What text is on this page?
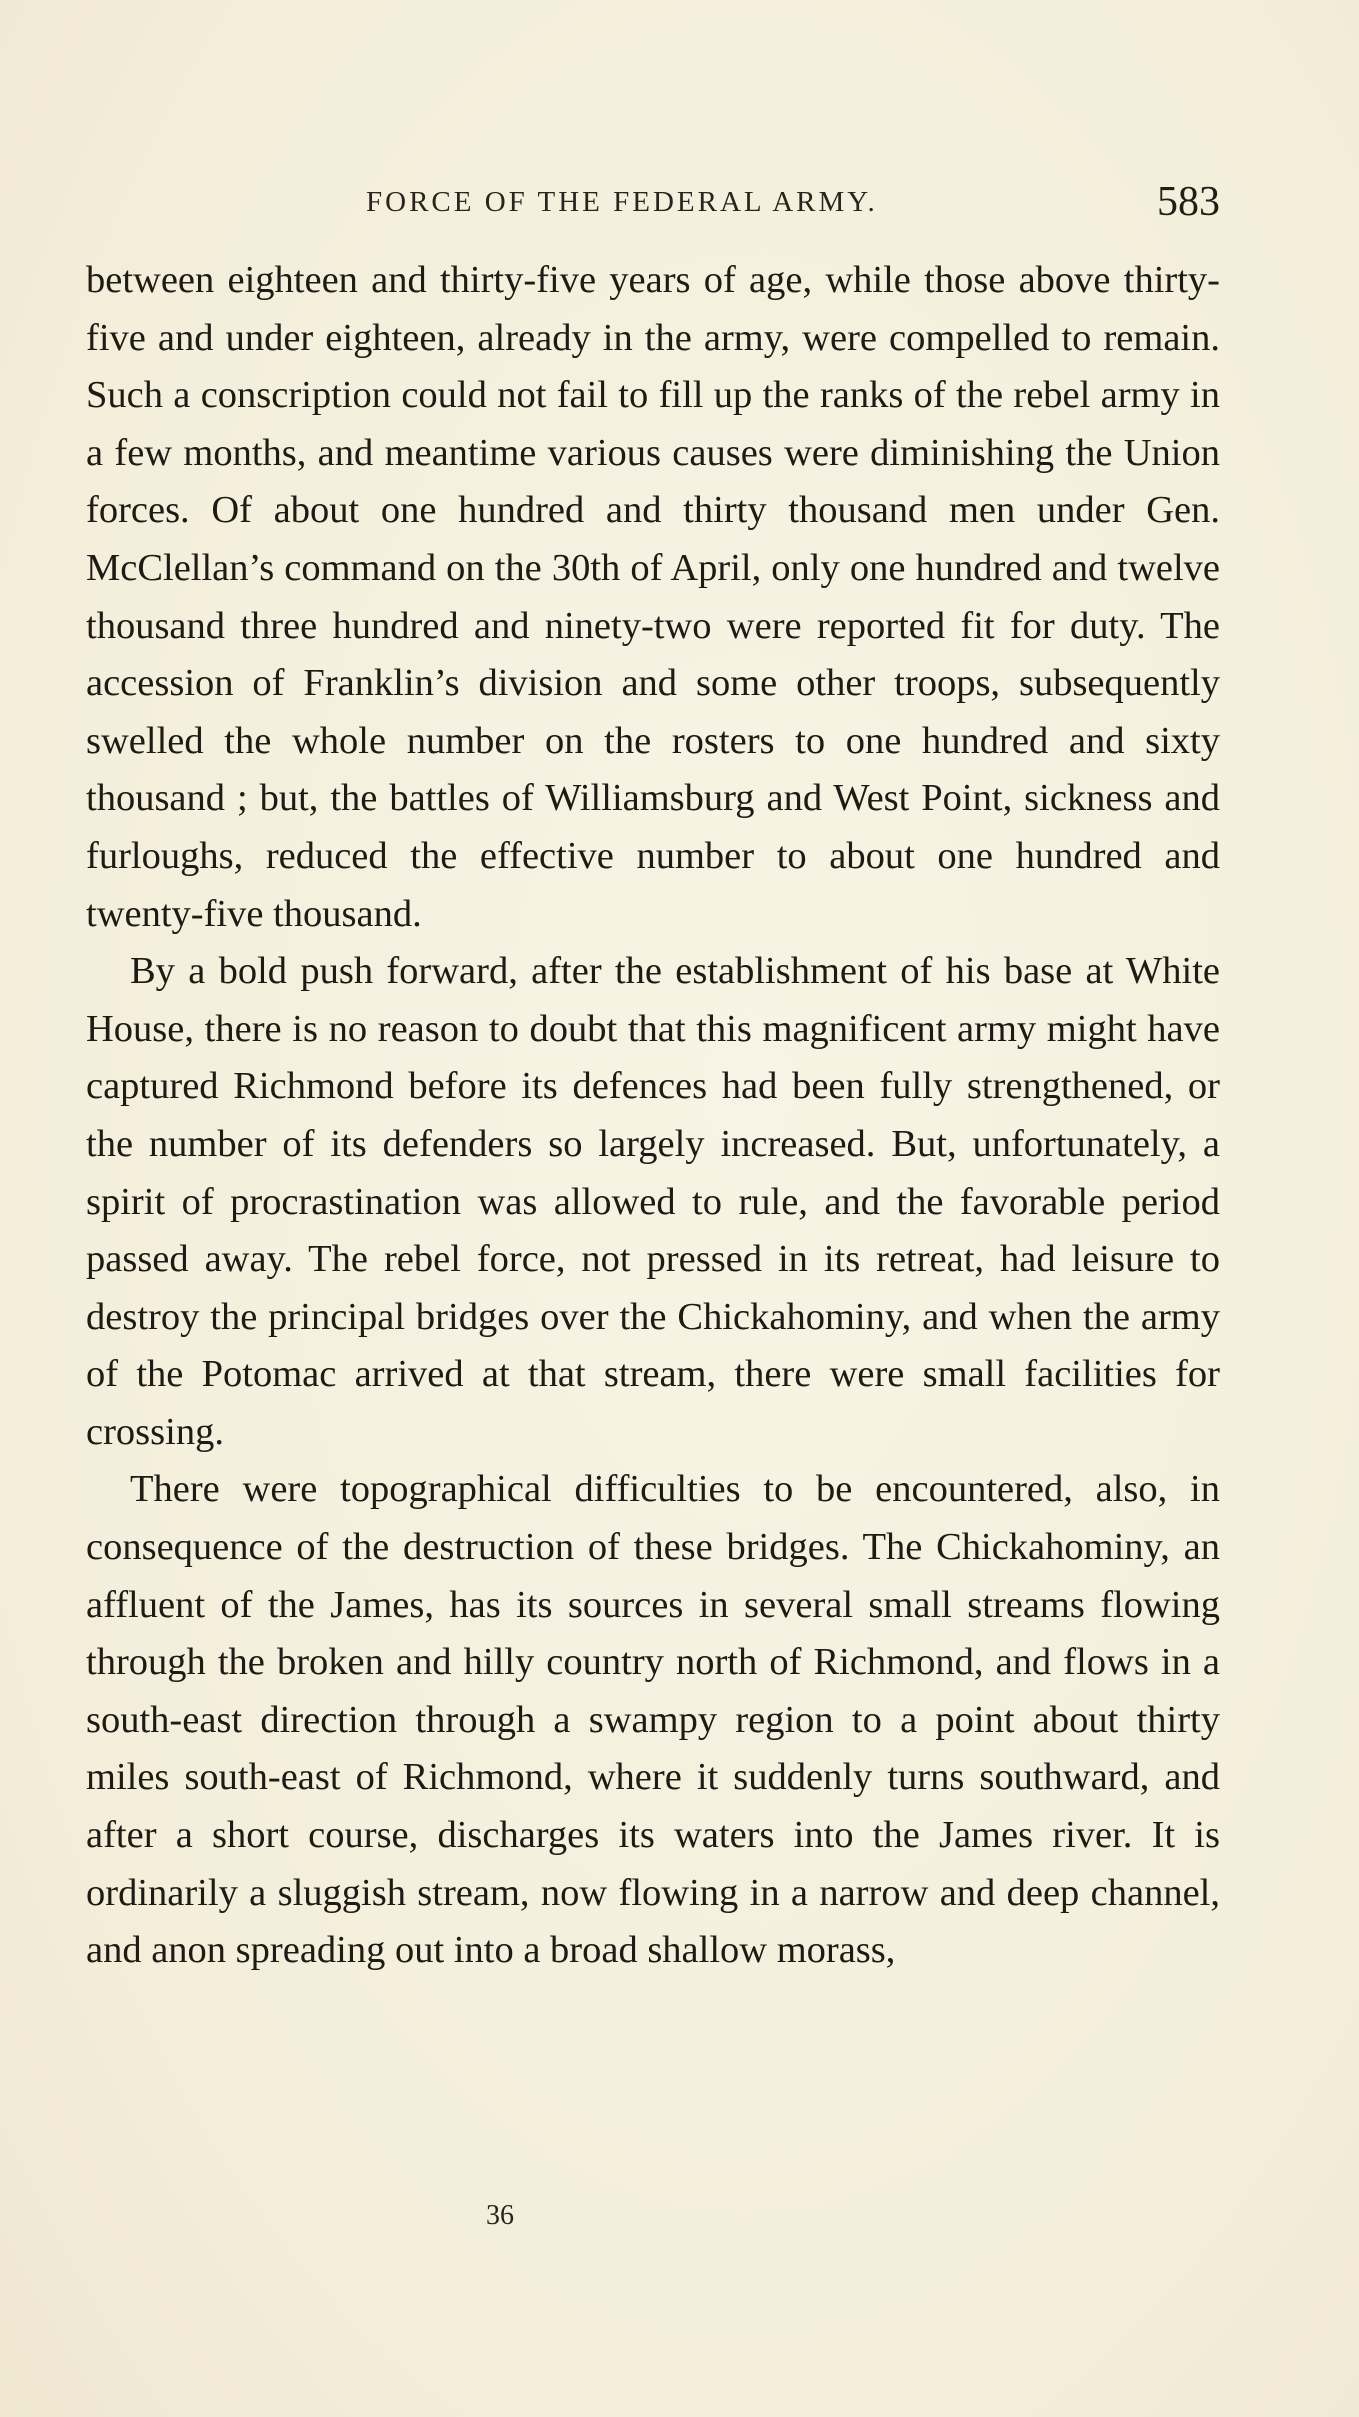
FORCE OF THE FEDERAL ARMY.	583

between eighteen and thirty-five years of age, while those above thirty-five and under eighteen, already in the army, were compelled to remain. Such a conscription could not fail to fill up the ranks of the rebel army in a few months, and meantime various causes were diminishing the Union forces. Of about one hundred and thirty thousand men under Gen. McClellan’s command on the 30th of April, only one hundred and twelve thousand three hundred and ninety-two were reported fit for duty. The accession of Franklin’s division and some other troops, subsequently swelled the whole number on the rosters to one hundred and sixty thousand ; but, the battles of Williamsburg and West Point, sickness and furloughs, reduced the effective number to about one hundred and twenty-five thousand.

By a bold push forward, after the establishment of his base at White House, there is no reason to doubt that this magnificent army might have captured Richmond before its defences had been fully strengthened, or the number of its defenders so largely increased. But, unfortunately, a spirit of procrastination was allowed to rule, and the favorable period passed away. The rebel force, not pressed in its retreat, had leisure to destroy the principal bridges over the Chickahominy, and when the army of the Potomac arrived at that stream, there were small facilities for crossing.

There were topographical difficulties to be encountered, also, in consequence of the destruction of these bridges. The Chickahominy, an affluent of the James, has its sources in several small streams flowing through the broken and hilly country north of Richmond, and flows in a south-east direction through a swampy region to a point about thirty miles south-east of Richmond, where it suddenly turns southward, and after a short course, discharges its waters into the James river. It is ordinarily a sluggish stream, now flowing in a narrow and deep channel, and anon spreading out into a broad shallow morass,

36
